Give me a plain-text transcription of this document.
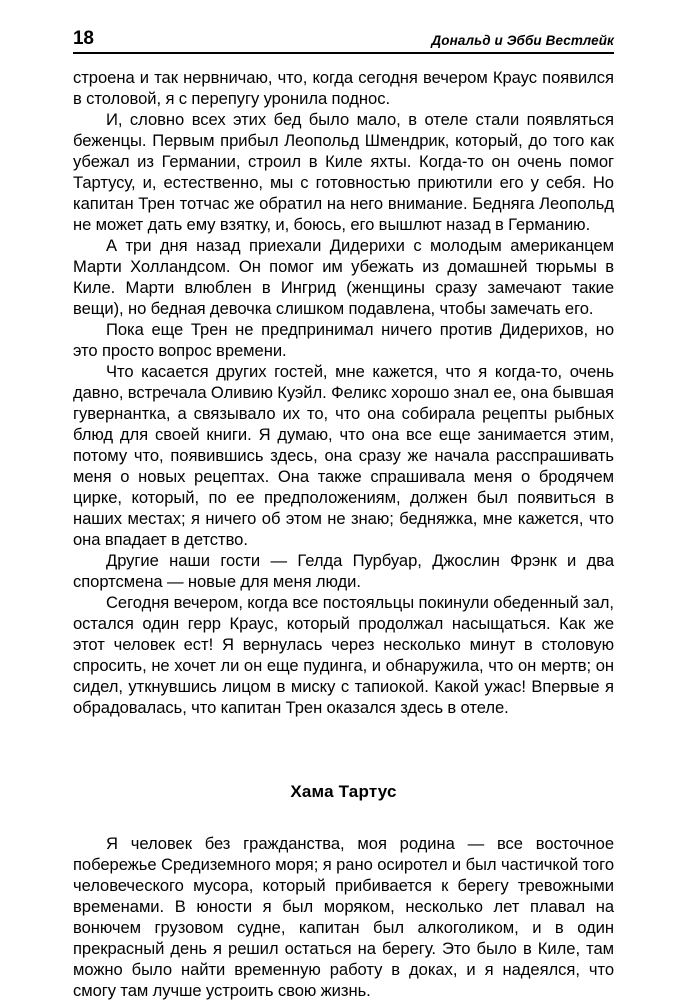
18	Дональд и Эбби Вестлейк

строена и так нервничаю, что, когда сегодня вечером Краус появился в столовой, я с перепугу уронила поднос.

И, словно всех этих бед было мало, в отеле стали появляться беженцы. Первым прибыл Леопольд Шмендрик, который, до того как убежал из Германии, строил в Киле яхты. Когда-то он очень помог Тартусу, и, естественно, мы с готовностью приютили его у себя. Но капитан Трен тотчас же обратил на него внимание. Бедняга Леопольд не может дать ему взятку, и, боюсь, его вышлют назад в Германию.

А три дня назад приехали Дидерихи с молодым американцем Марти Холландсом. Он помог им убежать из домашней тюрьмы в Киле. Марти влюблен в Ингрид (женщины сразу замечают такие вещи), но бедная девочка слишком подавлена, чтобы замечать его.

Пока еще Трен не предпринимал ничего против Дидерихов, но это просто вопрос времени.

Что касается других гостей, мне кажется, что я когда-то, очень давно, встречала Оливию Куэйл. Феликс хорошо знал ее, она бывшая гувернантка, а связывало их то, что она собирала рецепты рыбных блюд для своей книги. Я думаю, что она все еще занимается этим, потому что, появившись здесь, она сразу же начала расспрашивать меня о новых рецептах. Она также спрашивала меня о бродячем цирке, который, по ее предположениям, должен был появиться в наших местах; я ничего об этом не знаю; бедняжка, мне кажется, что она впадает в детство.

Другие наши гости — Гелда Пурбуар, Джослин Фрэнк и два спортсмена — новые для меня люди.

Сегодня вечером, когда все постояльцы покинули обеденный зал, остался один герр Краус, который продолжал насыщаться. Как же этот человек ест! Я вернулась через несколько минут в столовую спросить, не хочет ли он еще пудинга, и обнаружила, что он мертв; он сидел, уткнувшись лицом в миску с тапиокой. Какой ужас! Впервые я обрадовалась, что капитан Трен оказался здесь в отеле.

Хама Тартус

Я человек без гражданства, моя родина — все восточное побережье Средиземного моря; я рано осиротел и был частичкой того человеческого мусора, который прибивается к берегу тревожными временами. В юности я был моряком, несколько лет плавал на вонючем грузовом судне, капитан был алкоголиком, и в один прекрасный день я решил остаться на берегу. Это было в Киле, там можно было найти временную работу в доках, и я надеялся, что смогу там лучше устроить свою жизнь.
